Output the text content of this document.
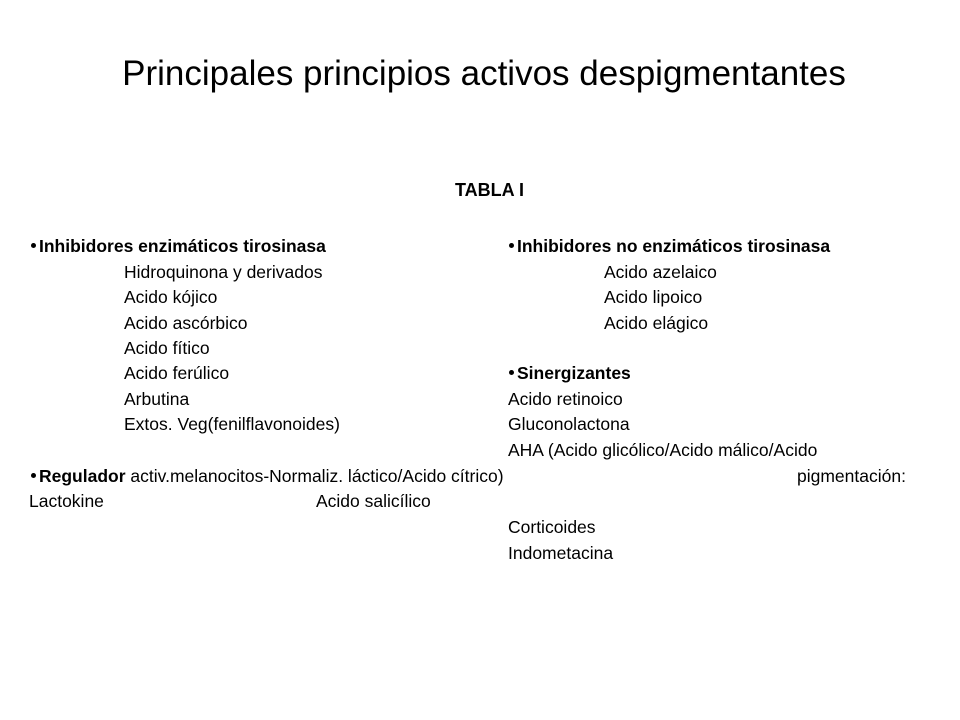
Principales principios activos despigmentantes
TABLA I
Inhibidores enzimáticos tirosinasa
Hidroquinona y derivados
Acido kójico
Acido ascórbico
Acido fítico
Acido ferúlico
Arbutina
Extos. Veg(fenilflavonoides)
Inhibidores no enzimáticos tirosinasa
Acido azelaico
Acido lipoico
Acido elágico
Sinergizantes
Acido retinoico
Gluconolactona
AHA (Acido glicólico/Acido málico/Acido
Regulador activ.melanocitos-Normaliz. láctico/Acido cítrico)	pigmentación:
Lactokine	Acido salicílico
Corticoides
Indometacina
